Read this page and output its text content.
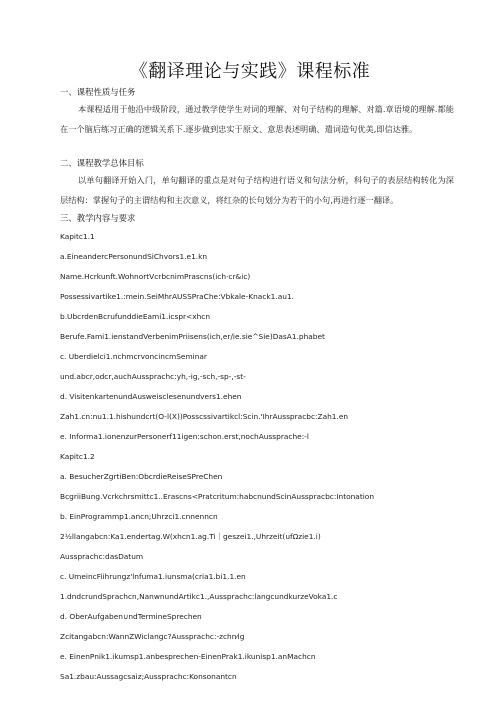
《翻译理论与实践》课程标准
一、课程性质与任务
本课程适用于他沿中级阶段，通过教学使学生对词的理解、对句子结构的理解、对篇.章语境的理解.都能在一个脑后练习正确的逻辑关系下.逐步做到忠实于原文、意思表述明确、遣词造句优美,即信达雅。
二、课程教学总体目标
以单句翻译开始入门，单句翻译的重点是对句子结构进行语义和句法分析，科句子的表层结构转化为深层结构：掌握句子的主谓结构和主次意义，将红杂的长句划分为若干的小句,再进行逐一翻译。
三、教学内容与要求
Kapitc1.1
a.EineandercPersonundSiChvors1.e1.kn
Name.Hcrkunft.WohnortVcrbcnimPrascns(ich·cr&ic)
Possessivartike1.:mein.SeiMhrAUSSPraChe:Vbkale-Knack1.au1.
b.UbcrdenBcrufunddieEami1.icspr<xhcn
Berufe.Fami1.ienstandVerbenimPriisens(ich,er∕ie.sie^Sie)DasA1.phabet
c. Uberdielci1.nchmcrvoncincmSeminar
und.abcr,odcr,auchAussprachc:yh,-ig,-sch,-sp-,-st-
d. VisitenkartenundAusweisclesenundvers1.ehen
Zah1.cn:nu1.1.hishundcrt(O-l(X))Posscssivartikcl:Scin.'IhrAusspracbc:Zah1.en
e. Informa1.ionenzurPersonerf11igen:schon.erst,nochAussprache:-l
Kapitc1.2
a. BesucherZgrtiBen:ObcrdieReiseSPreChen
BcgriiBung.Vcrkchrsmittc1..Erascns<Pratcritum:habcnundScinAusspracbc:Intonation
b. EinProgrammp1.ancn;Uhrzci1.cnnenncn
2½llangabcn:Ka1.endertag.W(xhcn1.ag.Ti｜geszei1.,Uhrzeit(ufΩzie1.i)
Aussprachc:dasDatum
c. UmeincFiihrungz'lnfuma1.iunsma(cria1.bi1.1.en
1.dndcrundSprachcn,NanwnundArtikc1.,Aussprachc:langcundkurzeVoka1.c
d. OberAufgaben∪ndTermineSprechen
Zcitangabcn:WannZWiclangc?Aussprachc:-zchn⁄ig
e. EinenPnik1.ikumsp1.anbesprechen-EinenPrak1.ikunisp1.anMachcn
Sa1.zbau:Aussagcsaiz;Aussprachc:Konsonantcn
